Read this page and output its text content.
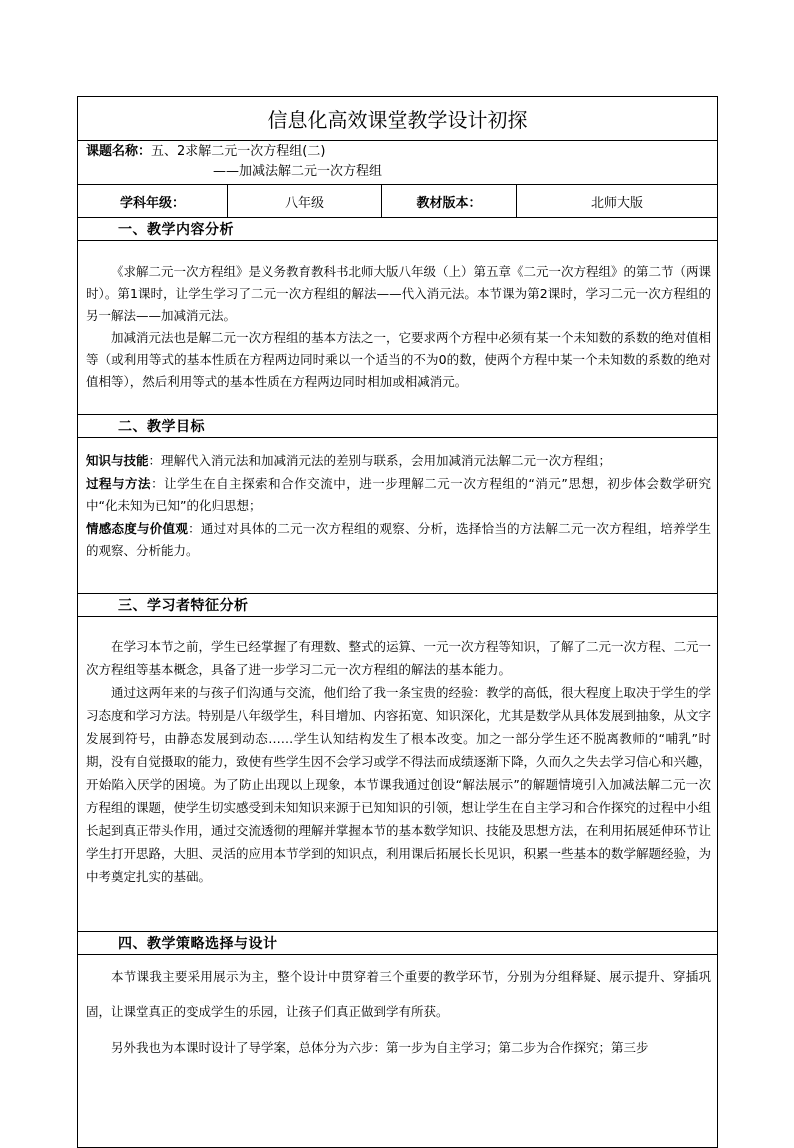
信息化高效课堂教学设计初探

课题名称：五、2求解二元一次方程组(二)
——加减法解二元一次方程组

学科年级：	八年级	教材版本：	北师大版
一、教学内容分析

《求解二元一次方程组》是义务教育教科书北师大版八年级（上）第五章《二元一次方程组》的第二节（两课时）。第1课时，让学生学习了二元一次方程组的解法——代入消元法。本节课为第2课时，学习二元一次方程组的另一解法——加减消元法。

加减消元法也是解二元一次方程组的基本方法之一，它要求两个方程中必须有某一个未知数的系数的绝对值相等（或利用等式的基本性质在方程两边同时乘以一个适当的不为0的数，使两个方程中某一个未知数的系数的绝对值相等），然后利用等式的基本性质在方程两边同时相加或相减消元。

二、教学目标

知识与技能：理解代入消元法和加减消元法的差别与联系，会用加减消元法解二元一次方程组；

过程与方法：让学生在自主探索和合作交流中，进一步理解二元一次方程组的“消元”思想，初步体会数学研究中“化未知为已知”的化归思想；

情感态度与价值观：通过对具体的二元一次方程组的观察、分析，选择恰当的方法解二元一次方程组，培养学生的观察、分析能力。

三、学习者特征分析

在学习本节之前，学生已经掌握了有理数、整式的运算、一元一次方程等知识，了解了二元一次方程、二元一次方程组等基本概念，具备了进一步学习二元一次方程组的解法的基本能力。

通过这两年来的与孩子们沟通与交流，他们给了我一条宝贵的经验：教学的高低，很大程度上取决于学生的学习态度和学习方法。特别是八年级学生，科目增加、内容拓宽、知识深化，尤其是数学从具体发展到抽象，从文字发展到符号，由静态发展到动态……学生认知结构发生了根本改变。加之一部分学生还不脱离教师的“哺乳”时期，没有自觉摄取的能力，致使有些学生因不会学习或学不得法而成绩逐渐下降，久而久之失去学习信心和兴趣，开始陷入厌学的困境。为了防止出现以上现象，本节课我通过创设“解法展示”的解题情境引入加减法解二元一次方程组的课题，使学生切实感受到未知知识来源于已知知识的引领，想让学生在自主学习和合作探究的过程中小组长起到真正带头作用，通过交流透彻的理解并掌握本节的基本数学知识、技能及思想方法，在利用拓展延伸环节让学生打开思路，大胆、灵活的应用本节学到的知识点，利用课后拓展长长见识，积累一些基本的数学解题经验，为中考奠定扎实的基础。

四、教学策略选择与设计

本节课我主要采用展示为主，整个设计中贯穿着三个重要的教学环节，分别为分组释疑、展示提升、穿插巩固，让课堂真正的变成学生的乐园，让孩子们真正做到学有所获。

另外我也为本课时设计了导学案，总体分为六步：第一步为自主学习；第二步为合作探究；第三步
